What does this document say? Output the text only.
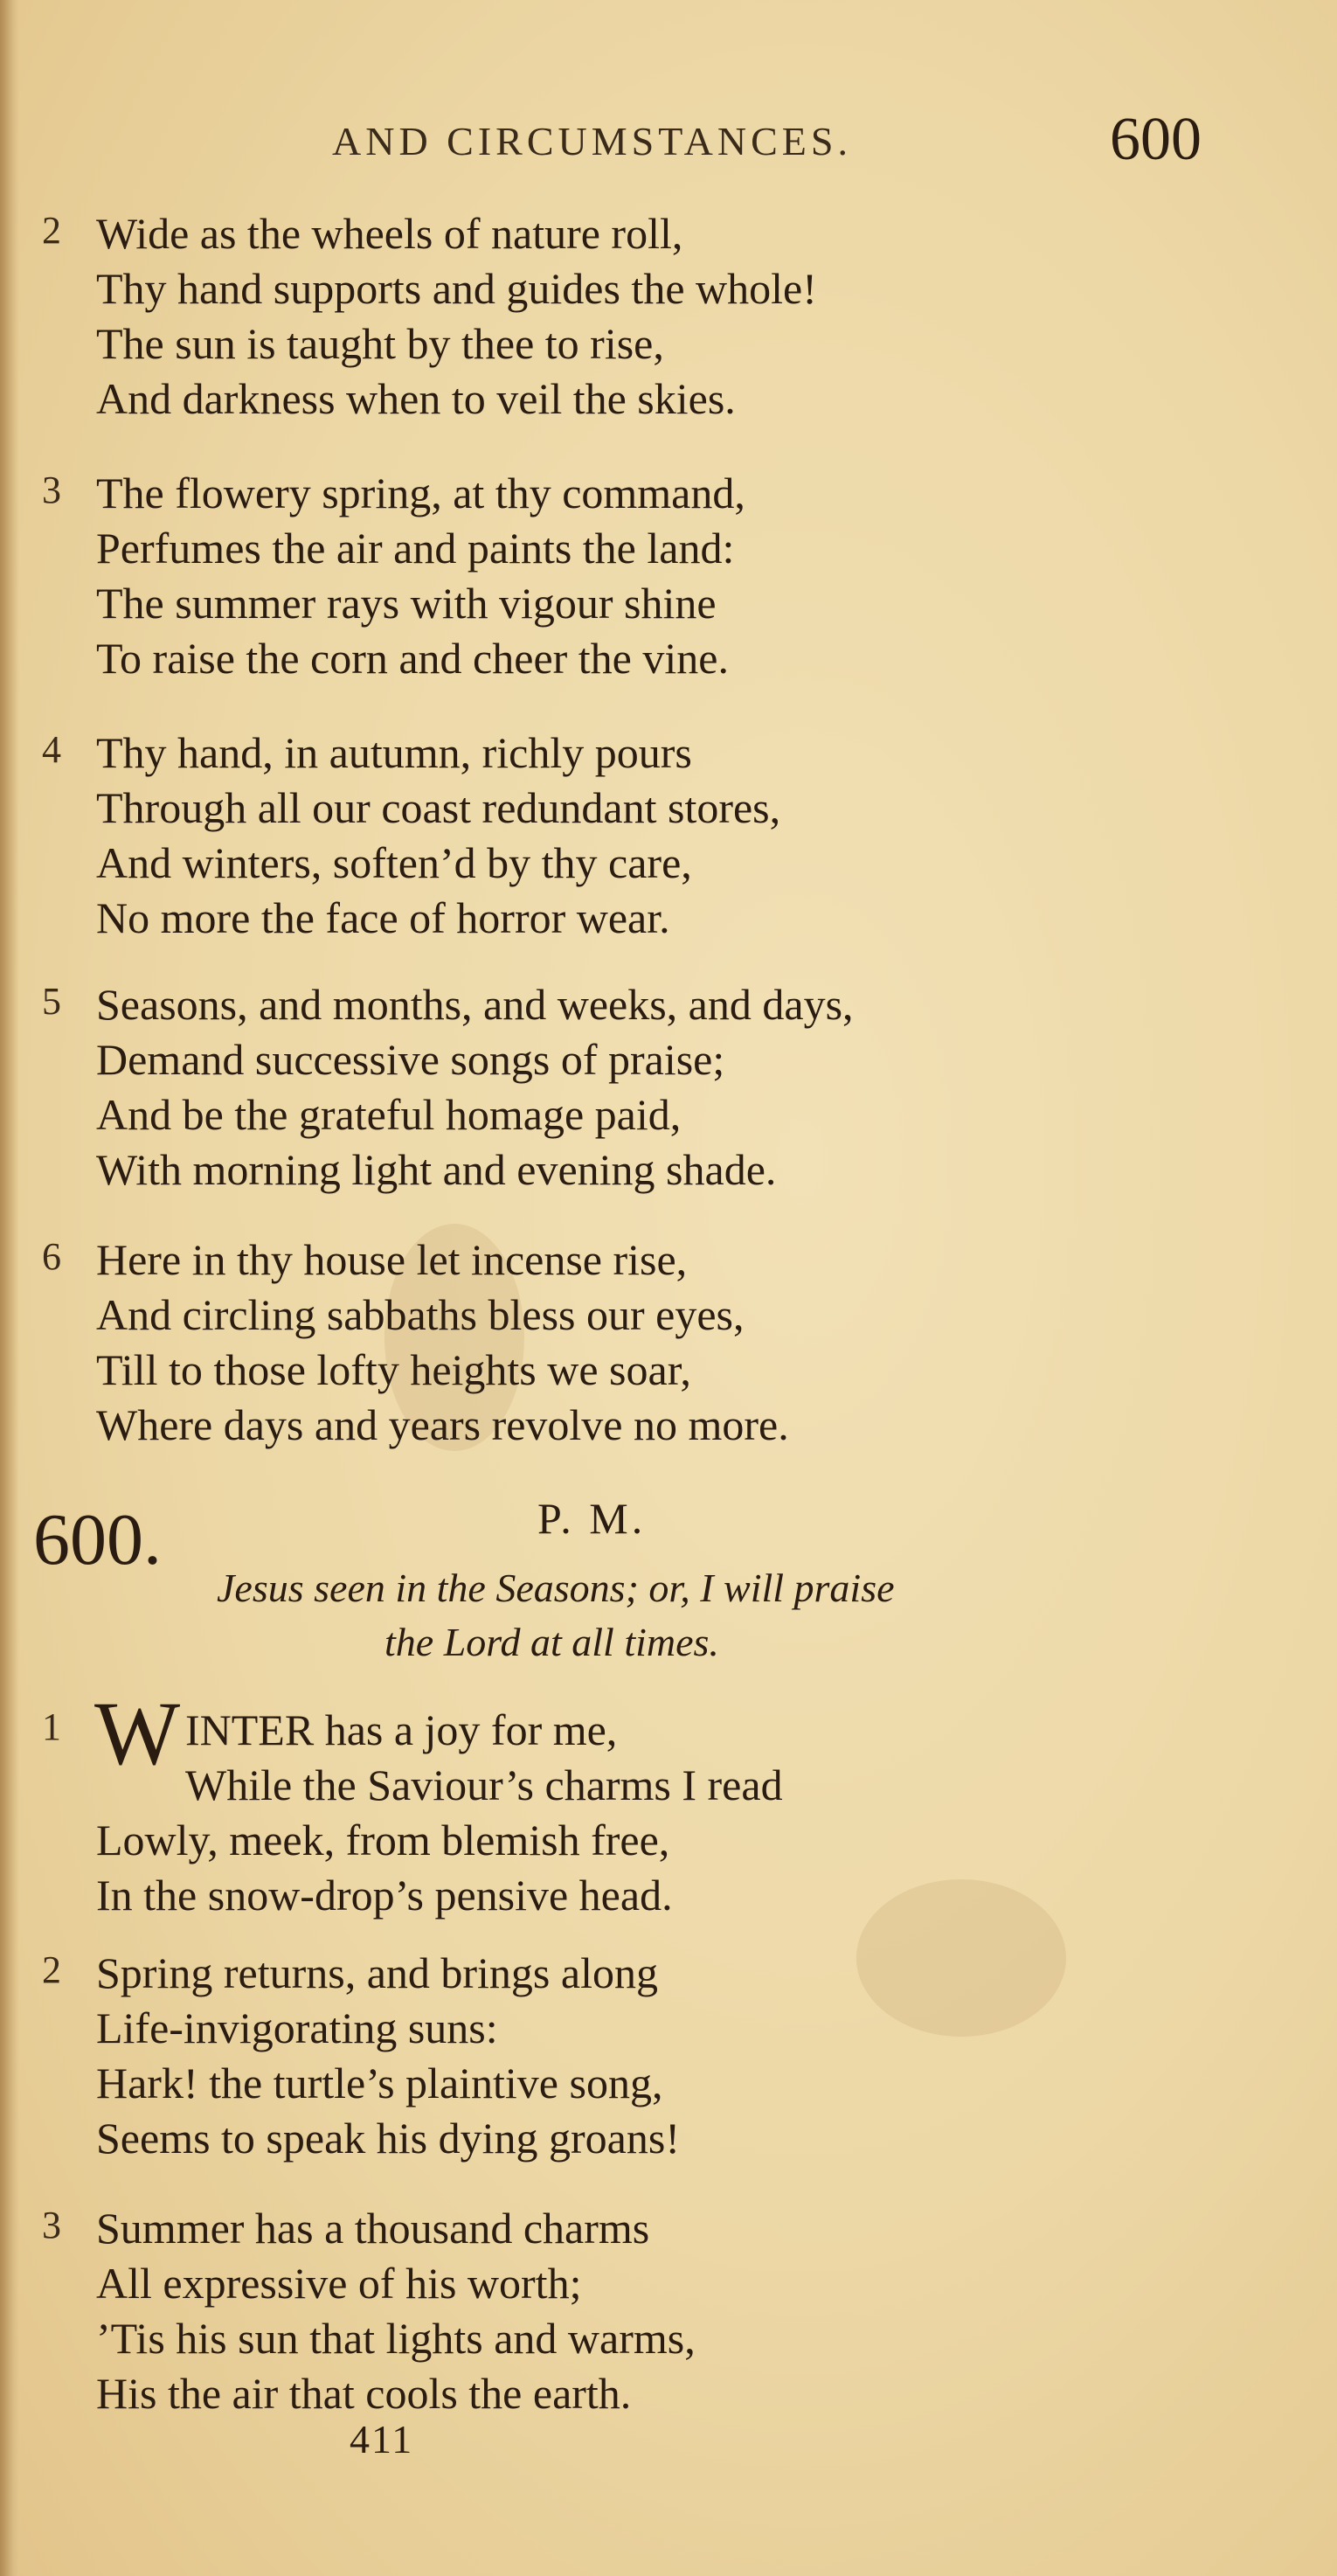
AND CIRCUMSTANCES.	600
2 Wide as the wheels of nature roll,
Thy hand supports and guides the whole!
The sun is taught by thee to rise,
And darkness when to veil the skies.
3 The flowery spring, at thy command,
Perfumes the air and paints the land:
The summer rays with vigour shine
To raise the corn and cheer the vine.
4 Thy hand, in autumn, richly pours
Through all our coast redundant stores,
And winters, soften’d by thy care,
No more the face of horror wear.
5 Seasons, and months, and weeks, and days,
Demand successive songs of praise;
And be the grateful homage paid,
With morning light and evening shade.
6 Here in thy house let incense rise,
And circling sabbaths bless our eyes,
Till to those lofty heights we soar,
Where days and years revolve no more.
600.	P. M.
Jesus seen in the Seasons; or, I will praise
the Lord at all times.
1	INTER has a joy for me,
While the Saviour’s charms I read
Lowly, meek, from blemish free,
In the snow-drop’s pensive head.
W
2 Spring returns, and brings along
Life-invigorating suns:
Hark! the turtle’s plaintive song,
Seems to speak his dying groans!
3 Summer has a thousand charms
All expressive of his worth;
’Tis his sun that lights and warms,
His the air that cools the earth.
411
